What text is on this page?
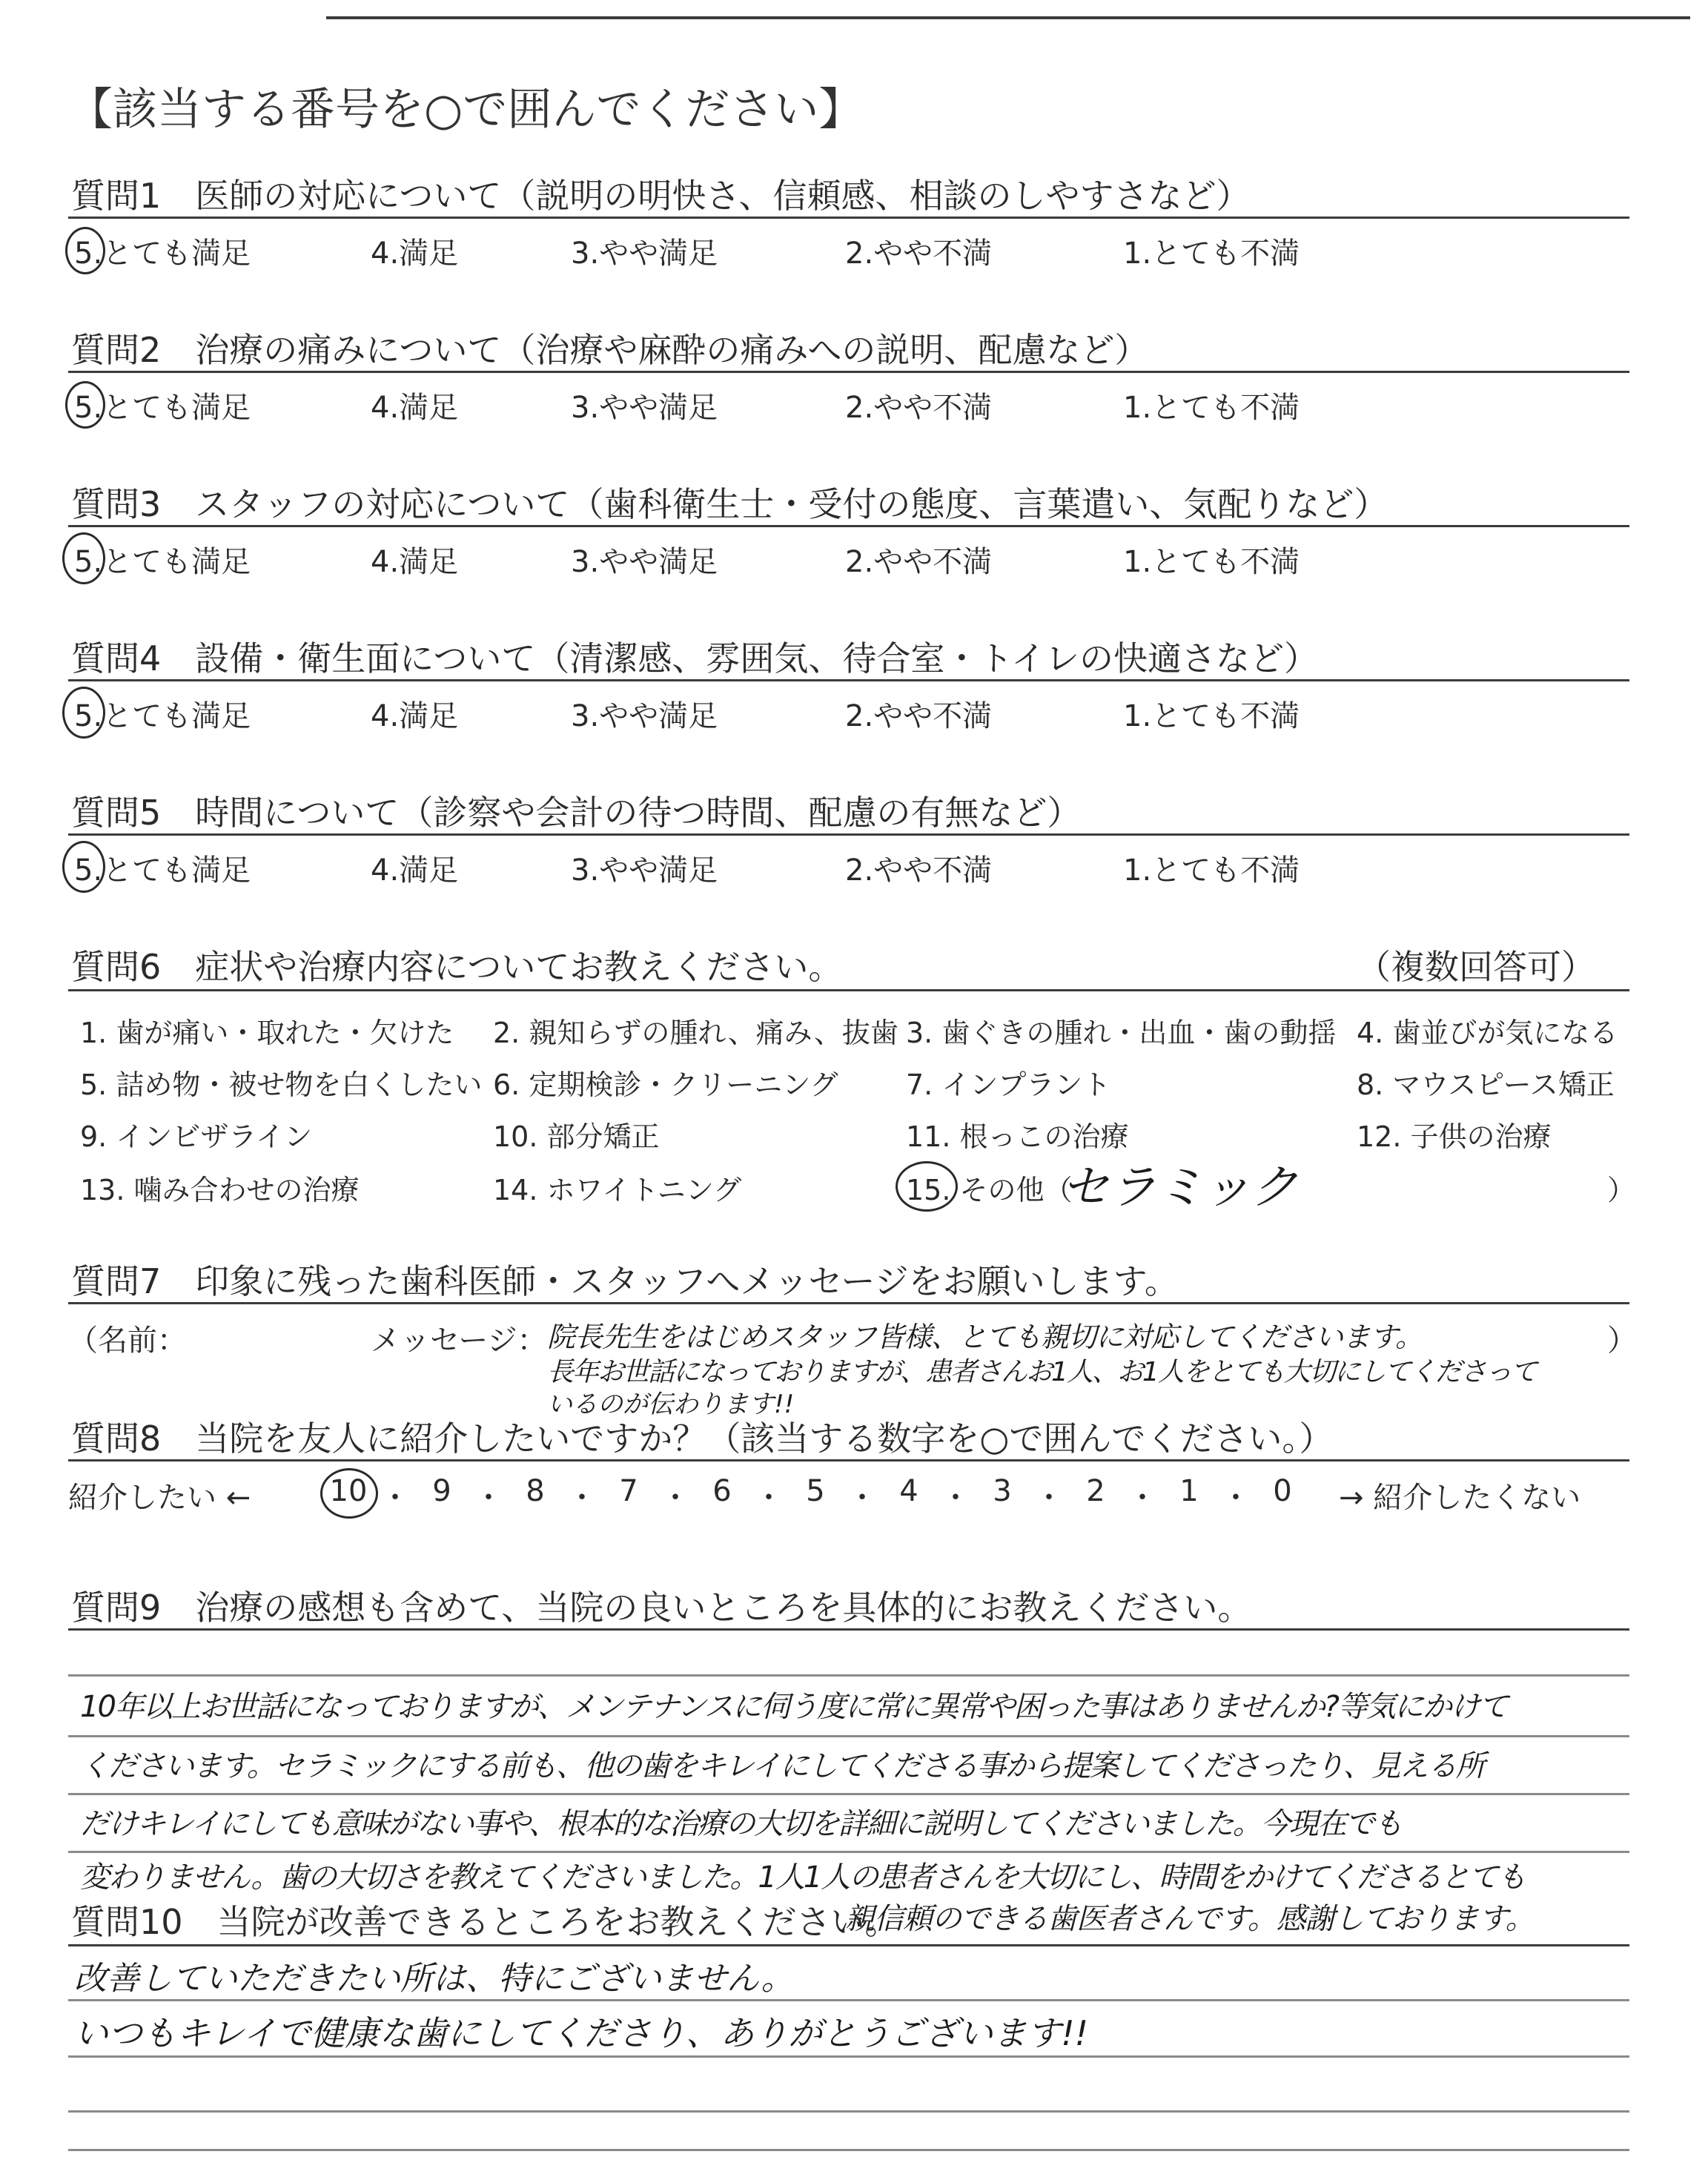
【該当する番号を○で囲んでください】
質問1　医師の対応について（説明の明快さ、信頼感、相談のしやすさなど）
5.とても満足	4.満足	3.やや満足	2.やや不満	1.とても不満
質問2　治療の痛みについて（治療や麻酔の痛みへの説明、配慮など）
5.とても満足	4.満足	3.やや満足	2.やや不満	1.とても不満
質問3　スタッフの対応について（歯科衛生士・受付の態度、言葉遣い、気配りなど）
5.とても満足	4.満足	3.やや満足	2.やや不満	1.とても不満
質問4　設備・衛生面について（清潔感、雰囲気、待合室・トイレの快適さなど）
5.とても満足	4.満足	3.やや満足	2.やや不満	1.とても不満
質問5　時間について（診察や会計の待つ時間、配慮の有無など）
5.とても満足	4.満足	3.やや満足	2.やや不満	1.とても不満
質問6　症状や治療内容についてお教えください。	（複数回答可）
1. 歯が痛い・取れた・欠けた 2. 親知らずの腫れ、痛み、抜歯 3. 歯ぐきの腫れ・出血・歯の動揺 4. 歯並びが気になる
5. 詰め物・被せ物を白くしたい 6. 定期検診・クリーニング 7. インプラント	8. マウスピース矯正
9. インビザライン	10. 部分矯正	11. 根っこの治療	12. 子供の治療
13. 噛み合わせの治療	14. ホワイトニング	15. その他（
セラミック	）
質問7　印象に残った歯科医師・スタッフへメッセージをお願いします。
（名前：	メッセージ：	）
院長先生をはじめスタッフ皆様、とても親切に対応してくださいます。
長年お世話になっておりますが、患者さんお1人、お1人をとても大切にしてくださって
いるのが伝わります!!
質問8　当院を友人に紹介したいですか？（該当する数字を○で囲んでください。）
紹介したい ←	10 ・ 9 ・ 8 ・ 7 ・ 6 ・ 5 ・ 4 ・ 3 ・ 2 ・ 1 ・ 0	→ 紹介したくない
質問9　治療の感想も含めて、当院の良いところを具体的にお教えください。
10年以上お世話になっておりますが、メンテナンスに伺う度に常に異常や困った事はありませんか?等気にかけて
くださいます。セラミックにする前も、他の歯をキレイにしてくださる事から提案してくださったり、見える所
だけキレイにしても意味がない事や、根本的な治療の大切を詳細に説明してくださいました。今現在でも
変わりません。歯の大切さを教えてくださいました。1人1人の患者さんを大切にし、時間をかけてくださるとても
親信頼のできる歯医者さんです。感謝しております。
質問10　当院が改善できるところをお教えください。
改善していただきたい所は、特にございません。
いつもキレイで健康な歯にしてくださり、ありがとうございます!!
